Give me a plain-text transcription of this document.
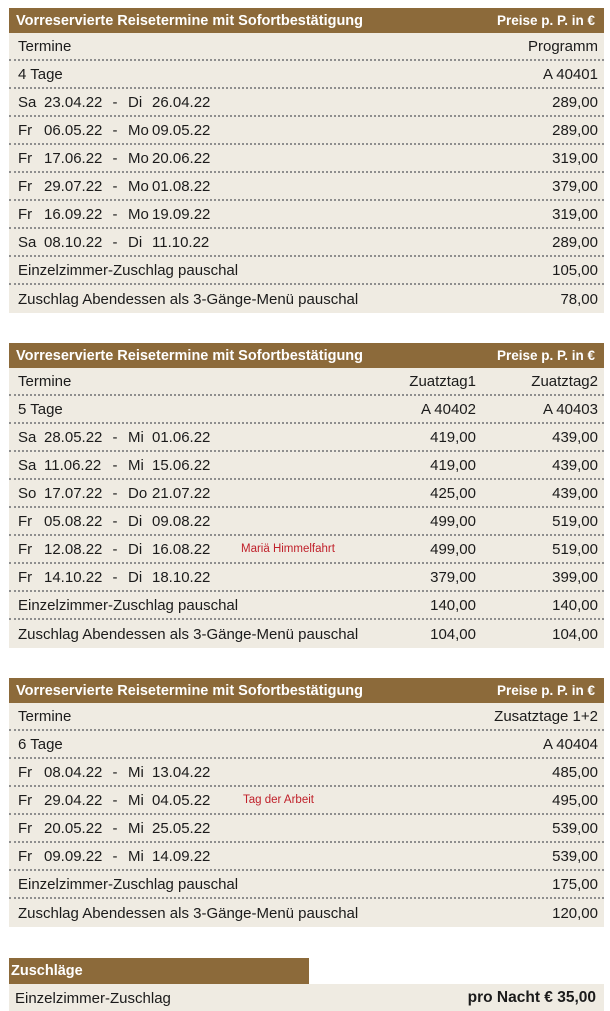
Vorreservierte Reisetermine mit Sofortbestätigung	Preise p. P. in €
Termine	Programm
4 Tage	A 40401
Sa 23.04.22 - Di 26.04.22	289,00
Fr 06.05.22 - Mo 09.05.22	289,00
Fr 17.06.22 - Mo 20.06.22	319,00
Fr 29.07.22 - Mo 01.08.22	379,00
Fr 16.09.22 - Mo 19.09.22	319,00
Sa 08.10.22 - Di 11.10.22	289,00
Einzelzimmer-Zuschlag pauschal	105,00
Zuschlag Abendessen als 3-Gänge-Menü pauschal	78,00
Vorreservierte Reisetermine mit Sofortbestätigung	Preise p. P. in €
Termine	Zuatztag1	Zuatztag2
5 Tage	A 40402	A 40403
Sa 28.05.22 - Mi 01.06.22	419,00	439,00
Sa 11.06.22 - Mi 15.06.22	419,00	439,00
So 17.07.22 - Do 21.07.22	425,00	439,00
Fr 05.08.22 - Di 09.08.22	499,00	519,00
Fr 12.08.22 - Di 16.08.22	Mariä Himmelfahrt	499,00	519,00
Fr 14.10.22 - Di 18.10.22	379,00	399,00
Einzelzimmer-Zuschlag pauschal	140,00	140,00
Zuschlag Abendessen als 3-Gänge-Menü pauschal	104,00	104,00
Vorreservierte Reisetermine mit Sofortbestätigung	Preise p. P. in €
Termine	Zusatztage 1+2
6 Tage	A 40404
Fr 08.04.22 - Mi 13.04.22	485,00
Fr 29.04.22 - Mi 04.05.22	Tag der Arbeit	495,00
Fr 20.05.22 - Mi 25.05.22	539,00
Fr 09.09.22 - Mi 14.09.22	539,00
Einzelzimmer-Zuschlag pauschal	175,00
Zuschlag Abendessen als 3-Gänge-Menü pauschal	120,00
Zuschläge
Einzelzimmer-Zuschlag	pro Nacht € 35,00
